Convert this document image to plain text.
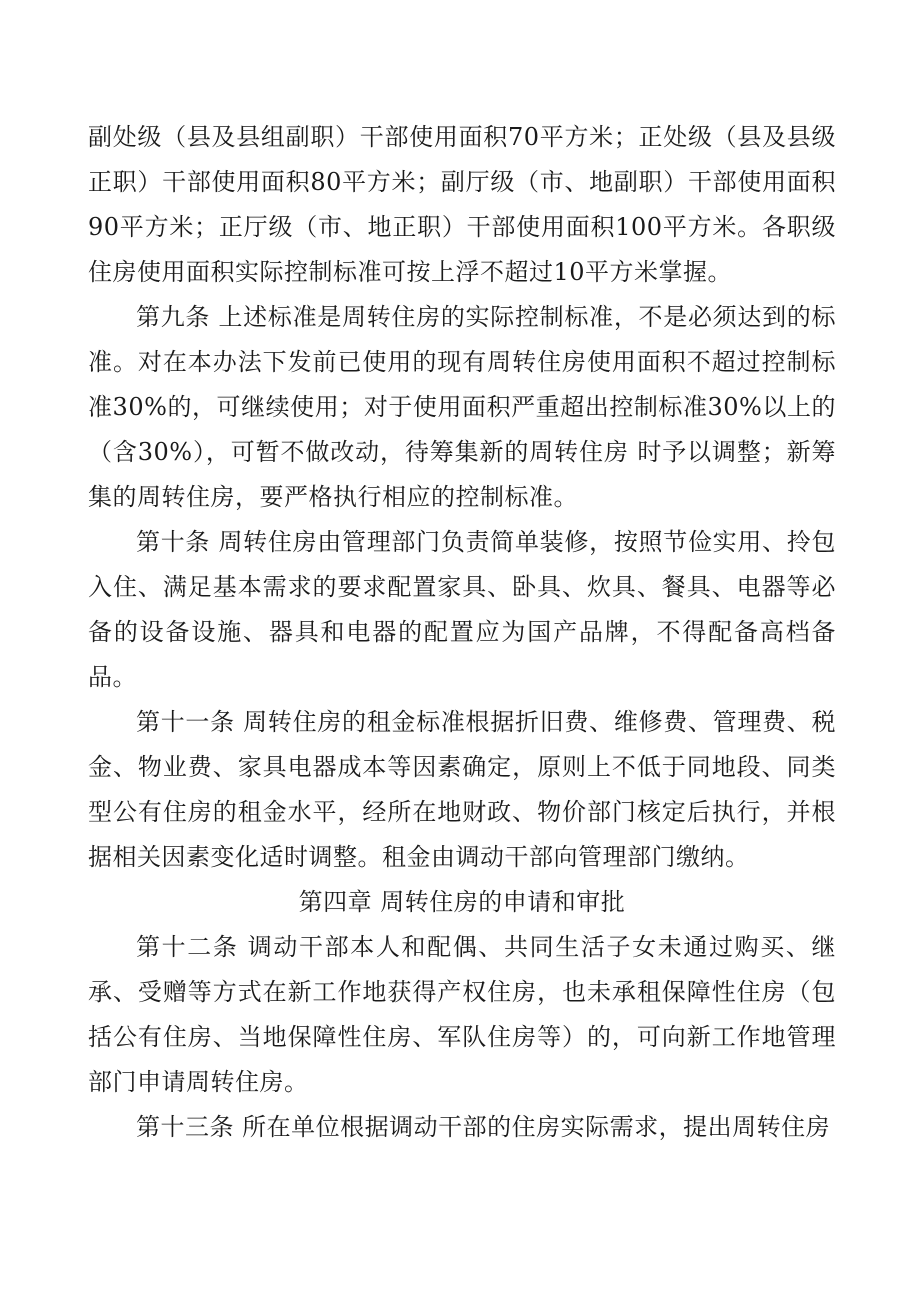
副处级（县及县组副职）干部使用面积70平方米；正处级（县及县级正职）干部使用面积80平方米；副厅级（市、地副职）干部使用面积90平方米；正厅级（市、地正职）干部使用面积100平方米。各职级住房使用面积实际控制标准可按上浮不超过10平方米掌握。

第九条 上述标准是周转住房的实际控制标准，不是必须达到的标准。对在本办法下发前已使用的现有周转住房使用面积不超过控制标准30%的，可继续使用；对于使用面积严重超出控制标准30%以上的（含30%），可暂不做改动，待筹集新的周转住房 时予以调整；新筹集的周转住房，要严格执行相应的控制标准。

第十条 周转住房由管理部门负责简单装修，按照节俭实用、拎包入住、满足基本需求的要求配置家具、卧具、炊具、餐具、电器等必备的设备设施、器具和电器的配置应为国产品牌，不得配备高档备品。

第十一条 周转住房的租金标准根据折旧费、维修费、管理费、税金、物业费、家具电器成本等因素确定，原则上不低于同地段、同类型公有住房的租金水平，经所在地财政、物价部门核定后执行，并根据相关因素变化适时调整。租金由调动干部向管理部门缴纳。

第四章 周转住房的申请和审批

第十二条 调动干部本人和配偶、共同生活子女未通过购买、继承、受赠等方式在新工作地获得产权住房，也未承租保障性住房（包括公有住房、当地保障性住房、军队住房等）的，可向新工作地管理部门申请周转住房。

第十三条 所在单位根据调动干部的住房实际需求，提出周转住房
